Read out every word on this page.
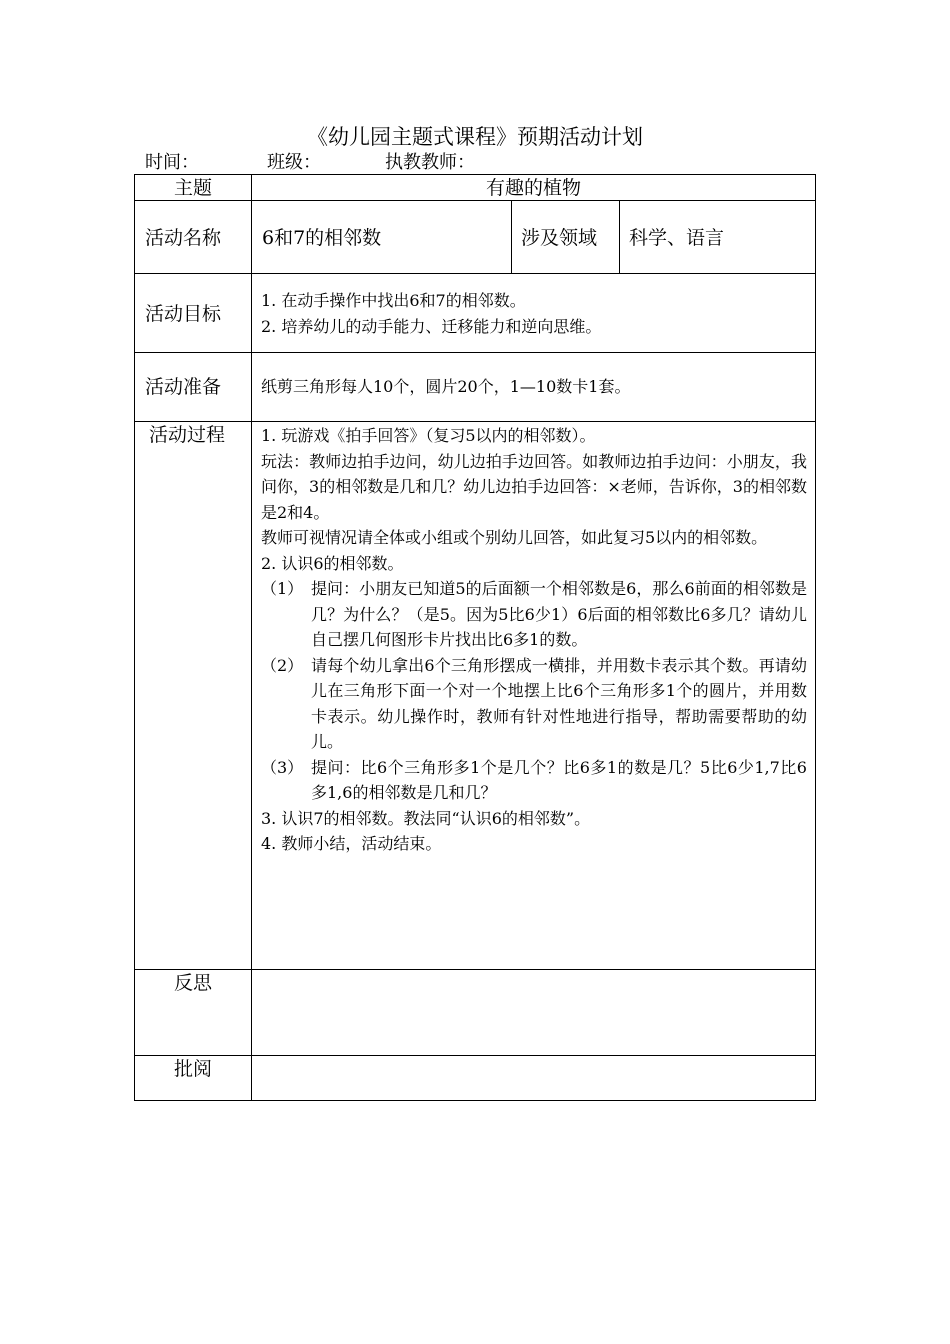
《幼儿园主题式课程》预期活动计划
时间：	班级：	执教教师：
主题	有趣的植物
活动名称 6和7的相邻数	涉及领域 科学、语言
活动目标

1. 在动手操作中找出6和7的相邻数。

2. 培养幼儿的动手能力、迁移能力和逆向思维。

活动准备 纸剪三角形每人10个，圆片20个，1—10数卡1套。
活动过程 1. 玩游戏《拍手回答》（复习5以内的相邻数）。

玩法：教师边拍手边问，幼儿边拍手边回答。如教师边拍手边问：小朋友，我问你，3的相邻数是几和几？幼儿边拍手边回答：×老师，告诉你，3的相邻数是2和4。

教师可视情况请全体或小组或个别幼儿回答，如此复习5以内的相邻数。

2. 认识6的相邻数。

（1） 提问：小朋友已知道5的后面额一个相邻数是6，那么6前面的相邻数是几？为什么？（是5。因为5比6少1）6后面的相邻数比6多几？请幼儿自己摆几何图形卡片找出比6多1的数。
（2） 请每个幼儿拿出6个三角形摆成一横排，并用数卡表示其个数。再请幼儿在三角形下面一个对一个地摆上比6个三角形多1个的圆片，并用数卡表示。幼儿操作时，教师有针对性地进行指导，帮助需要帮助的幼儿。
（3） 提问：比6个三角形多1个是几个？比6多1的数是几？5比6少1,7比6多1,6的相邻数是几和几？

3. 认识7的相邻数。教法同“认识6的相邻数”。

4. 教师小结，活动结束。

反思
批阅
